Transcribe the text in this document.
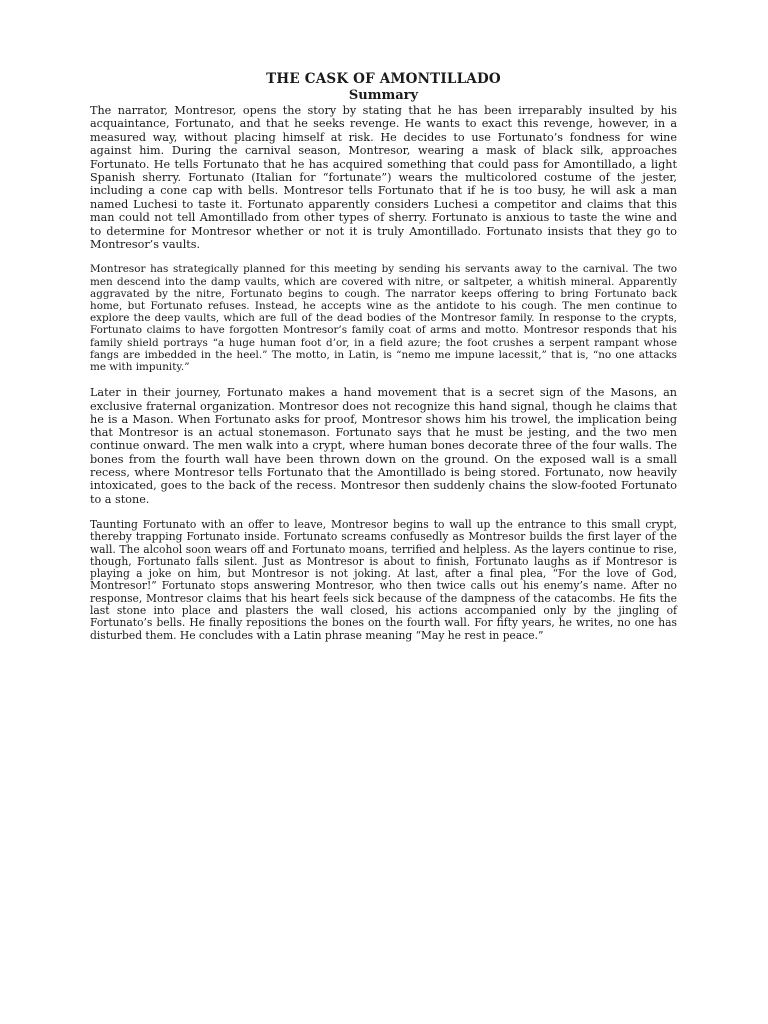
THE CASK OF AMONTILLADO
Summary

The narrator, Montresor, opens the story by stating that he has been irreparably insulted by his acquaintance, Fortunato, and that he seeks revenge. He wants to exact this revenge, however, in a measured way, without placing himself at risk. He decides to use Fortunato’s fondness for wine against him. During the carnival season, Montresor, wearing a mask of black silk, approaches Fortunato. He tells Fortunato that he has acquired something that could pass for Amontillado, a light Spanish sherry. Fortunato (Italian for “fortunate”) wears the multicolored costume of the jester, including a cone cap with bells. Montresor tells Fortunato that if he is too busy, he will ask a man named Luchesi to taste it. Fortunato apparently considers Luchesi a competitor and claims that this man could not tell Amontillado from other types of sherry. Fortunato is anxious to taste the wine and to determine for Montresor whether or not it is truly Amontillado. Fortunato insists that they go to Montresor’s vaults.

Montresor has strategically planned for this meeting by sending his servants away to the carnival. The two men descend into the damp vaults, which are covered with nitre, or saltpeter, a whitish mineral. Apparently aggravated by the nitre, Fortunato begins to cough. The narrator keeps offering to bring Fortunato back home, but Fortunato refuses. Instead, he accepts wine as the antidote to his cough. The men continue to explore the deep vaults, which are full of the dead bodies of the Montresor family. In response to the crypts, Fortunato claims to have forgotten Montresor’s family coat of arms and motto. Montresor responds that his family shield portrays “a huge human foot d’or, in a field azure; the foot crushes a serpent rampant whose fangs are imbedded in the heel.” The motto, in Latin, is “nemo me impune lacessit,” that is, “no one attacks me with impunity.”

Later in their journey, Fortunato makes a hand movement that is a secret sign of the Masons, an exclusive fraternal organization. Montresor does not recognize this hand signal, though he claims that he is a Mason. When Fortunato asks for proof, Montresor shows him his trowel, the implication being that Montresor is an actual stonemason. Fortunato says that he must be jesting, and the two men continue onward. The men walk into a crypt, where human bones decorate three of the four walls. The bones from the fourth wall have been thrown down on the ground. On the exposed wall is a small recess, where Montresor tells Fortunato that the Amontillado is being stored. Fortunato, now heavily intoxicated, goes to the back of the recess. Montresor then suddenly chains the slow-footed Fortunato to a stone.

Taunting Fortunato with an offer to leave, Montresor begins to wall up the entrance to this small crypt, thereby trapping Fortunato inside. Fortunato screams confusedly as Montresor builds the first layer of the wall. The alcohol soon wears off and Fortunato moans, terrified and helpless. As the layers continue to rise, though, Fortunato falls silent. Just as Montresor is about to finish, Fortunato laughs as if Montresor is playing a joke on him, but Montresor is not joking. At last, after a final plea, “For the love of God, Montresor!” Fortunato stops answering Montresor, who then twice calls out his enemy’s name. After no response, Montresor claims that his heart feels sick because of the dampness of the catacombs. He fits the last stone into place and plasters the wall closed, his actions accompanied only by the jingling of Fortunato’s bells. He finally repositions the bones on the fourth wall. For fifty years, he writes, no one has disturbed them. He concludes with a Latin phrase meaning “May he rest in peace.”
